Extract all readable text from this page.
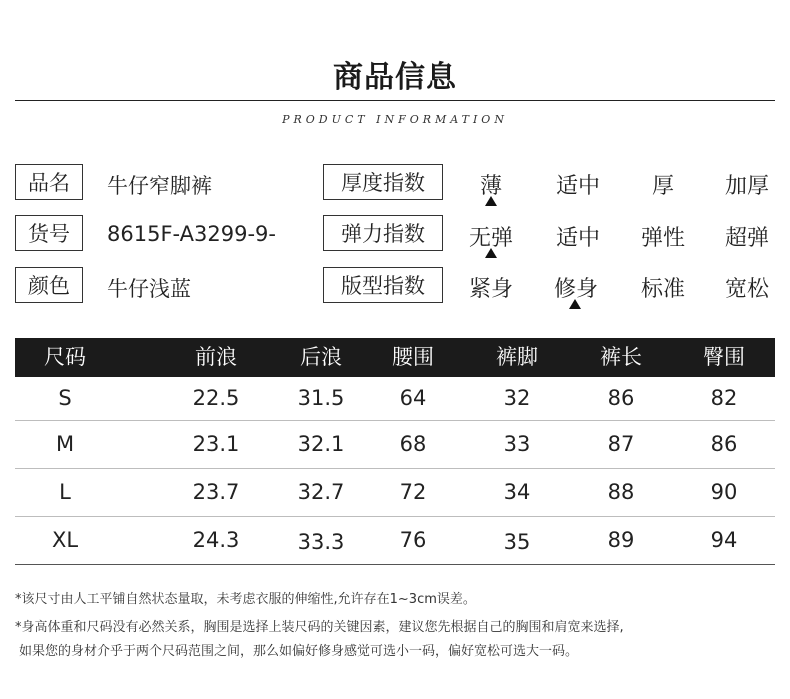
商品信息
PRODUCT INFORMATION
品名	牛仔窄脚裤
货号	8615F-A3299-9-
颜色	牛仔浅蓝
厚度指数	薄	适中	厚	加厚
弹力指数	无弹	适中	弹性	超弹
版型指数	紧身	修身	标准	宽松
尺码	前浪	后浪	腰围	裤脚	裤长	臀围
S	22.5	31.5	64	32	86	82
M	23.1	32.1	68	33	87	86
L	23.7	32.7	72	34	88	90
XL	24.3	33.3	76	35	89	94
*该尺寸由人工平铺自然状态量取，未考虑衣服的伸缩性,允许存在1~3cm误差。
*身高体重和尺码没有必然关系，胸围是选择上装尺码的关键因素，建议您先根据自己的胸围和肩宽来选择,
如果您的身材介乎于两个尺码范围之间，那么如偏好修身感觉可选小一码，偏好宽松可选大一码。
